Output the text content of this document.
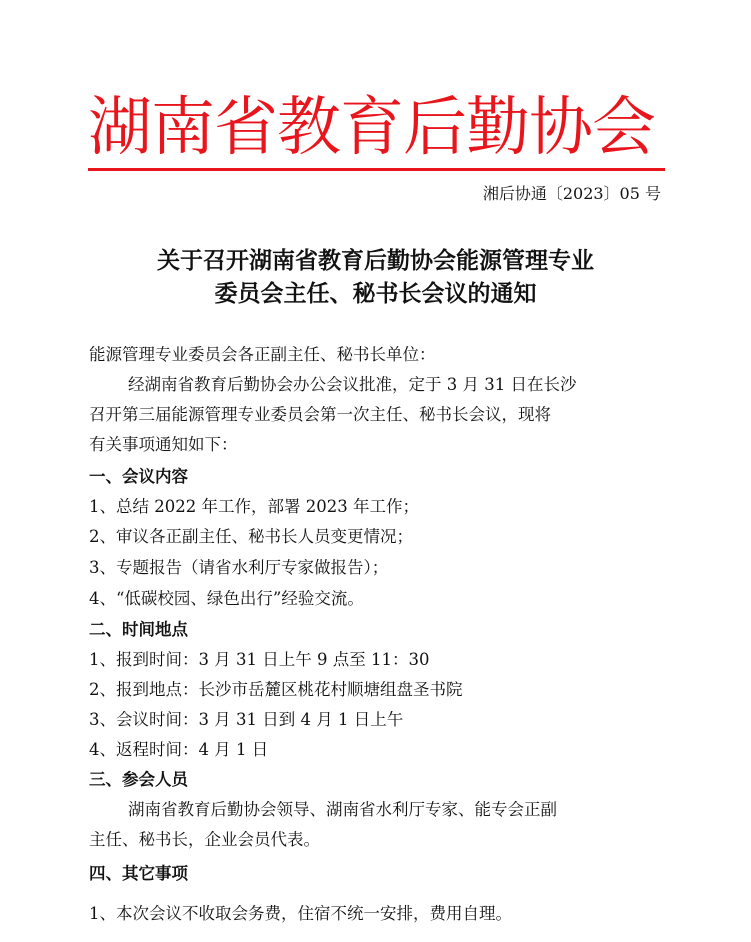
湖南省教育后勤协会
湘后协通〔2023〕05 号
关于召开湖南省教育后勤协会能源管理专业
委员会主任、秘书长会议的通知
能源管理专业委员会各正副主任、秘书长单位：
经湖南省教育后勤协会办公会议批准，定于 3 月 31 日在长沙
召开第三届能源管理专业委员会第一次主任、秘书长会议，现将
有关事项通知如下：
一、会议内容
1、总结 2022 年工作，部署 2023 年工作；
2、审议各正副主任、秘书长人员变更情况；
3、专题报告（请省水利厅专家做报告）；
4、“低碳校园、绿色出行”经验交流。
二、时间地点
1、报到时间：3 月 31 日上午 9 点至 11：30
2、报到地点：长沙市岳麓区桃花村顺塘组盘圣书院
3、会议时间：3 月 31 日到 4 月 1 日上午
4、返程时间：4 月 1 日
三、参会人员
湖南省教育后勤协会领导、湖南省水利厅专家、能专会正副
主任、秘书长，企业会员代表。
四、其它事项
1、本次会议不收取会务费，住宿不统一安排，费用自理。
